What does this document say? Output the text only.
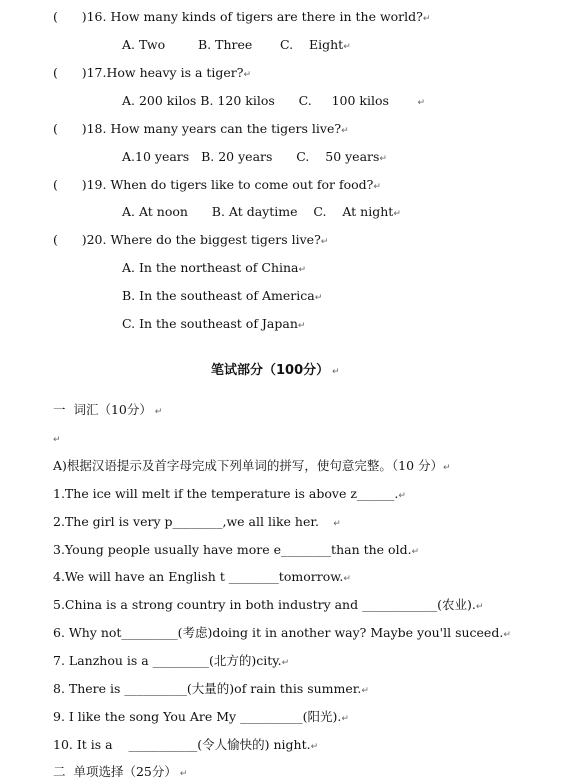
(      )16. How many kinds of tigers are there in the world?↵
A. Two	B. Three C.    Eight↵
(      )17.How heavy is a tiger?↵
A. 200 kilos B. 120 kilos      C.     100 kilos          ↵
(      )18. How many years can the tigers live?↵
A.10 years   B. 20 years      C.    50 years↵
(      )19. When do tigers like to come out for food?↵
A. At noon      B. At daytime    C.    At night↵
(      )20. Where do the biggest tigers live?↵
A. In the northeast of China↵
B. In the southeast of America↵
C. In the southeast of Japan↵
笔试部分（100分） ↵
一  词汇（10分） ↵
↵
A)根据汉语提示及首字母完成下列单词的拼写，使句意完整。（10 分）↵
1.The ice will melt if the temperature is above z______.↵
2.The girl is very p________,we all like her.     ↵
3.Young people usually have more e________than the old.↵
4.We will have an English t ________tomorrow.↵
5.China is a strong country in both industry and ____________(农业).↵
6. Why not_________(考虑)doing it in another way? Maybe you'll suceed.↵
7. Lanzhou is a _________(北方的)city.↵
8. There is __________(大量的)of rain this summer.↵
9. I like the song You Are My __________(阳光).↵
10. It is a    ___________(令人愉快的) night.↵
二  单项选择（25分） ↵
